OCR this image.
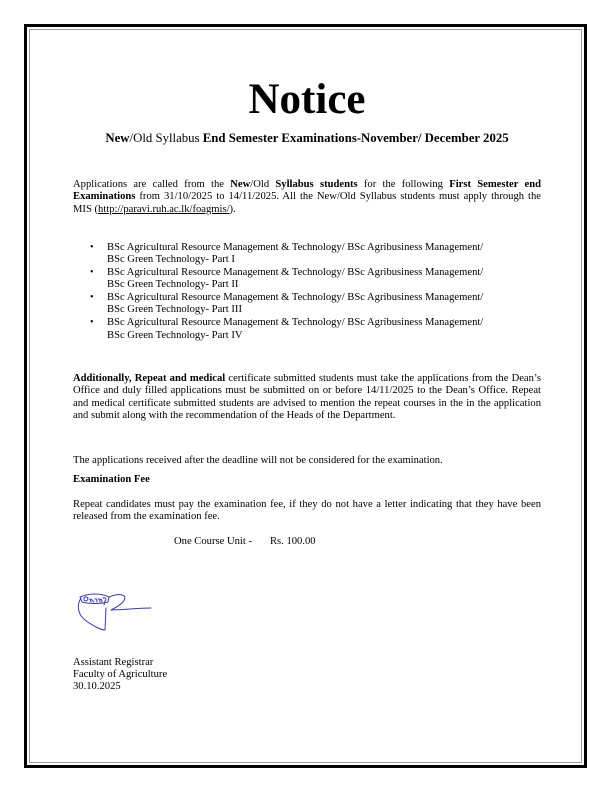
Notice
New/Old Syllabus End Semester Examinations-November/ December 2025
Applications are called from the New/Old Syllabus students for the following First Semester end Examinations from 31/10/2025 to 14/11/2025. All the New/Old Syllabus students must apply through the MIS (http://paravi.ruh.ac.lk/foagmis/).
• BSc Agricultural Resource Management & Technology/ BSc Agribusiness Management/ BSc Green Technology- Part I
• BSc Agricultural Resource Management & Technology/ BSc Agribusiness Management/ BSc Green Technology- Part II
• BSc Agricultural Resource Management & Technology/ BSc Agribusiness Management/ BSc Green Technology- Part III
• BSc Agricultural Resource Management & Technology/ BSc Agribusiness Management/ BSc Green Technology- Part IV
Additionally, Repeat and medical certificate submitted students must take the applications from the Dean’s Office and duly filled applications must be submitted on or before 14/11/2025 to the Dean’s Office. Repeat and medical certificate submitted students are advised to mention the repeat courses in the in the application and submit along with the recommendation of the Heads of the Department.
The applications received after the deadline will not be considered for the examination.
Examination Fee
Repeat candidates must pay the examination fee, if they do not have a letter indicating that they have been released from the examination fee.
One Course Unit - Rs. 100.00
Assistant Registrar
Faculty of Agriculture
30.10.2025
